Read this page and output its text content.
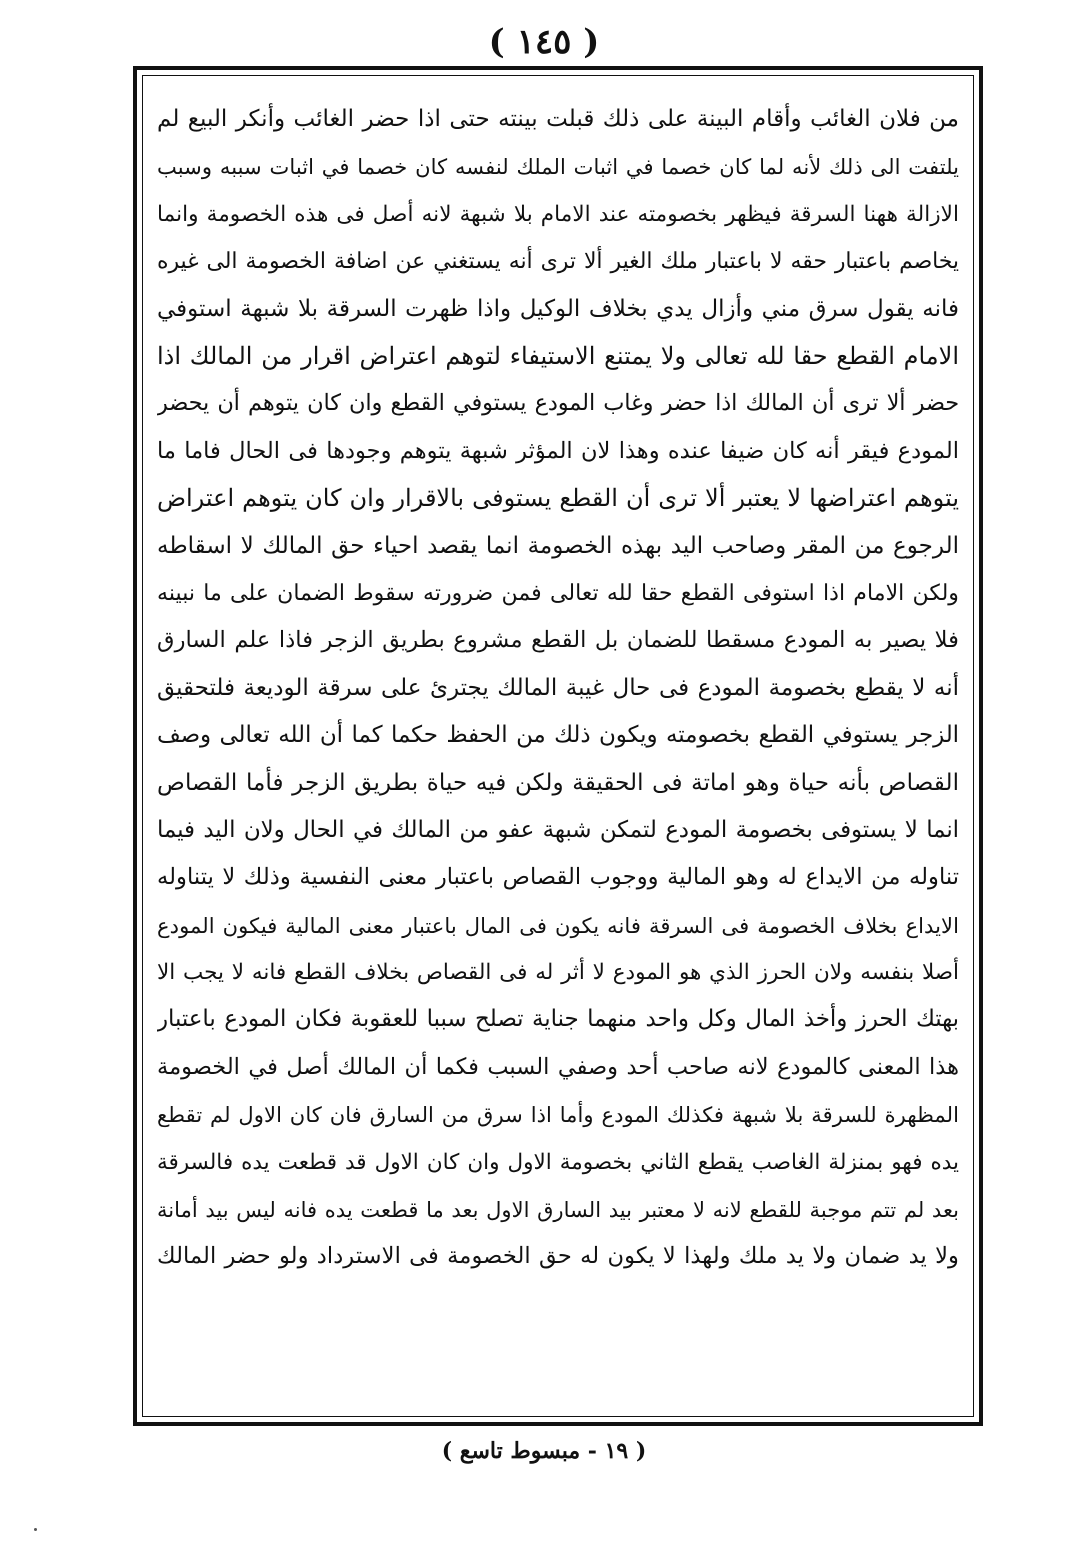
( ١٤٥ )
من فلان الغائب وأقام البينة على ذلك قبلت بينته حتى اذا حضر الغائب وأنكر البيع لم
يلتفت الى ذلك لأنه لما كان خصما في اثبات الملك لنفسه كان خصما في اثبات سببه وسبب
الازالة ههنا السرقة فيظهر بخصومته عند الامام بلا شبهة لانه أصل فى هذه الخصومة وانما
يخاصم باعتبار حقه لا باعتبار ملك الغير ألا ترى أنه يستغني عن اضافة الخصومة الى غيره
فانه يقول سرق مني وأزال يدي بخلاف الوكيل واذا ظهرت السرقة بلا شبهة استوفي
الامام القطع حقا لله تعالى ولا يمتنع الاستيفاء لتوهم اعتراض اقرار من المالك اذا
حضر ألا ترى أن المالك اذا حضر وغاب المودع يستوفي القطع وان كان يتوهم أن يحضر
المودع فيقر أنه كان ضيفا عنده وهذا لان المؤثر شبهة يتوهم وجودها فى الحال فاما ما
يتوهم اعتراضها لا يعتبر ألا ترى أن القطع يستوفى بالاقرار وان كان يتوهم اعتراض
الرجوع من المقر وصاحب اليد بهذه الخصومة انما يقصد احياء حق المالك لا اسقاطه
ولكن الامام اذا استوفى القطع حقا لله تعالى فمن ضرورته سقوط الضمان على ما نبينه
فلا يصير به المودع مسقطا للضمان بل القطع مشروع بطريق الزجر فاذا علم السارق
أنه لا يقطع بخصومة المودع فى حال غيبة المالك يجترئ على سرقة الوديعة فلتحقيق
الزجر يستوفي القطع بخصومته ويكون ذلك من الحفظ حكما كما أن الله تعالى وصف
القصاص بأنه حياة وهو اماتة فى الحقيقة ولكن فيه حياة بطريق الزجر فأما القصاص
انما لا يستوفى بخصومة المودع لتمكن شبهة عفو من المالك في الحال ولان اليد فيما
تناوله من الايداع له وهو المالية ووجوب القصاص باعتبار معنى النفسية وذلك لا يتناوله
الايداع بخلاف الخصومة فى السرقة فانه يكون فى المال باعتبار معنى المالية فيكون المودع
أصلا بنفسه ولان الحرز الذي هو المودع لا أثر له فى القصاص بخلاف القطع فانه لا يجب الا
بهتك الحرز وأخذ المال وكل واحد منهما جناية تصلح سببا للعقوبة فكان المودع باعتبار
هذا المعنى كالمودع لانه صاحب أحد وصفي السبب فكما أن المالك أصل في الخصومة
المظهرة للسرقة بلا شبهة فكذلك المودع وأما اذا سرق من السارق فان كان الاول لم تقطع
يده فهو بمنزلة الغاصب يقطع الثاني بخصومة الاول وان كان الاول قد قطعت يده فالسرقة
بعد لم تتم موجبة للقطع لانه لا معتبر بيد السارق الاول بعد ما قطعت يده فانه ليس بيد أمانة
ولا يد ضمان ولا يد ملك ولهذا لا يكون له حق الخصومة فى الاسترداد ولو حضر المالك
( ١٩ - مبسوط تاسع )
